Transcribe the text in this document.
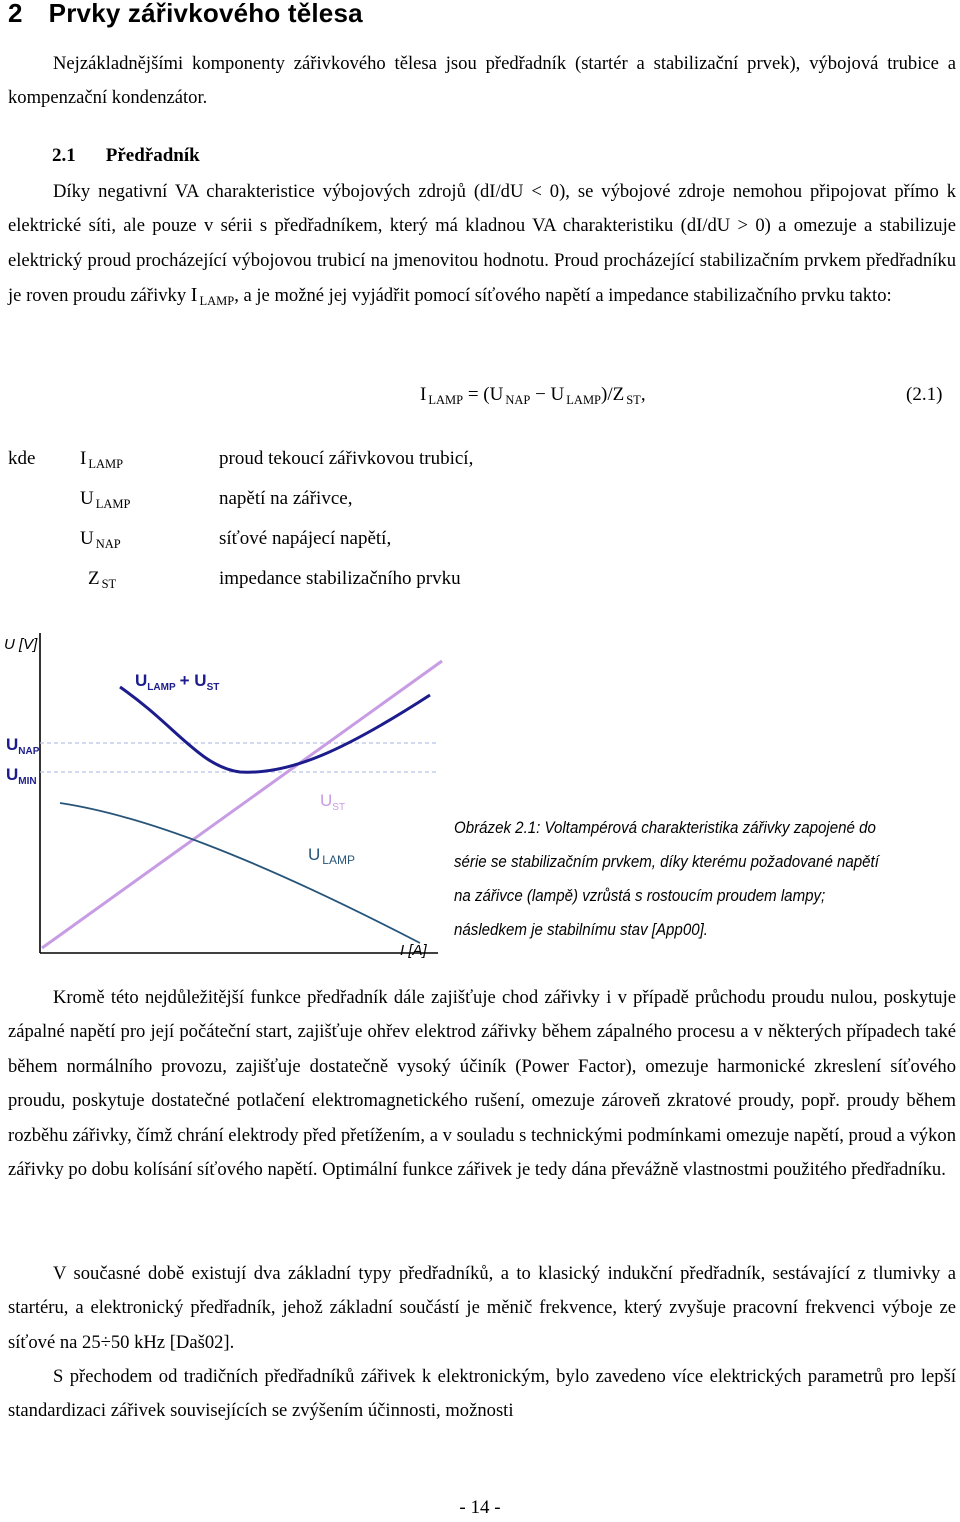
2 Prvky zářivkového tělesa

Nejzákladnějšími komponenty zářivkového tělesa jsou předřadník (startér a stabilizační prvek), výbojová trubice a kompenzační kondenzátor.

2.1 Předřadník

Díky negativní VA charakteristice výbojových zdrojů (dI/dU < 0), se výbojové zdroje nemohou připojovat přímo k elektrické síti, ale pouze v sérii s předřadníkem, který má kladnou VA charakteristiku (dI/dU > 0) a omezuje a stabilizuje elektrický proud procházející výbojovou trubicí na jmenovitou hodnotu. Proud procházející stabilizačním prvkem předřadníku je roven proudu zářivky I $_{LAMP}$, a je možné jej vyjádřit pomocí síťového napětí a impedance stabilizačního prvku takto:

I $_{LAMP}$ = (U $_{NAP}$ − U $_{LAMP}$)/Z $_{ST}$,	(2.1)
kde I $_{LAMP}$	proud tekoucí zářivkovou trubicí,
U $_{LAMP}$	napětí na zářivce,
U $_{NAP}$	síťové napájecí napětí,
Z $_{ST}$	impedance stabilizačního prvku
U [V]
I [A]
$U_{LAMP} + U_{ST}$
$U_{NAP}$
$U_{MIN}$
$U_{ST}$
U $_{LAMP}$
Obrázek 2.1: Voltampérová charakteristika zářivky zapojené do
série se stabilizačním prvkem, díky kterému požadované napětí
na zářivce (lampě) vzrůstá s rostoucím proudem lampy;
následkem je stabilnímu stav [App00].

Kromě této nejdůležitější funkce předřadník dále zajišťuje chod zářivky i v případě průchodu proudu nulou, poskytuje zápalné napětí pro její počáteční start, zajišťuje ohřev elektrod zářivky během zápalného procesu a v některých případech také během normálního provozu, zajišťuje dostatečně vysoký účiník (Power Factor), omezuje harmonické zkreslení síťového proudu, poskytuje dostatečné potlačení elektromagnetického rušení, omezuje zároveň zkratové proudy, popř. proudy během rozběhu zářivky, čímž chrání elektrody před přetížením, a v souladu s technickými podmínkami omezuje napětí, proud a výkon zářivky po dobu kolísání síťového napětí. Optimální funkce zářivek je tedy dána převážně vlastnostmi použitého předřadníku.

V současné době existují dva základní typy předřadníků, a to klasický indukční předřadník, sestávající z tlumivky a startéru, a elektronický předřadník, jehož základní součástí je měnič frekvence, který zvyšuje pracovní frekvenci výboje ze síťové na 25÷50 kHz [Daš02].

S přechodem od tradičních předřadníků zářivek k elektronickým, bylo zavedeno více elektrických parametrů pro lepší standardizaci zářivek souvisejících se zvýšením účinnosti, možnosti

- 14 -
